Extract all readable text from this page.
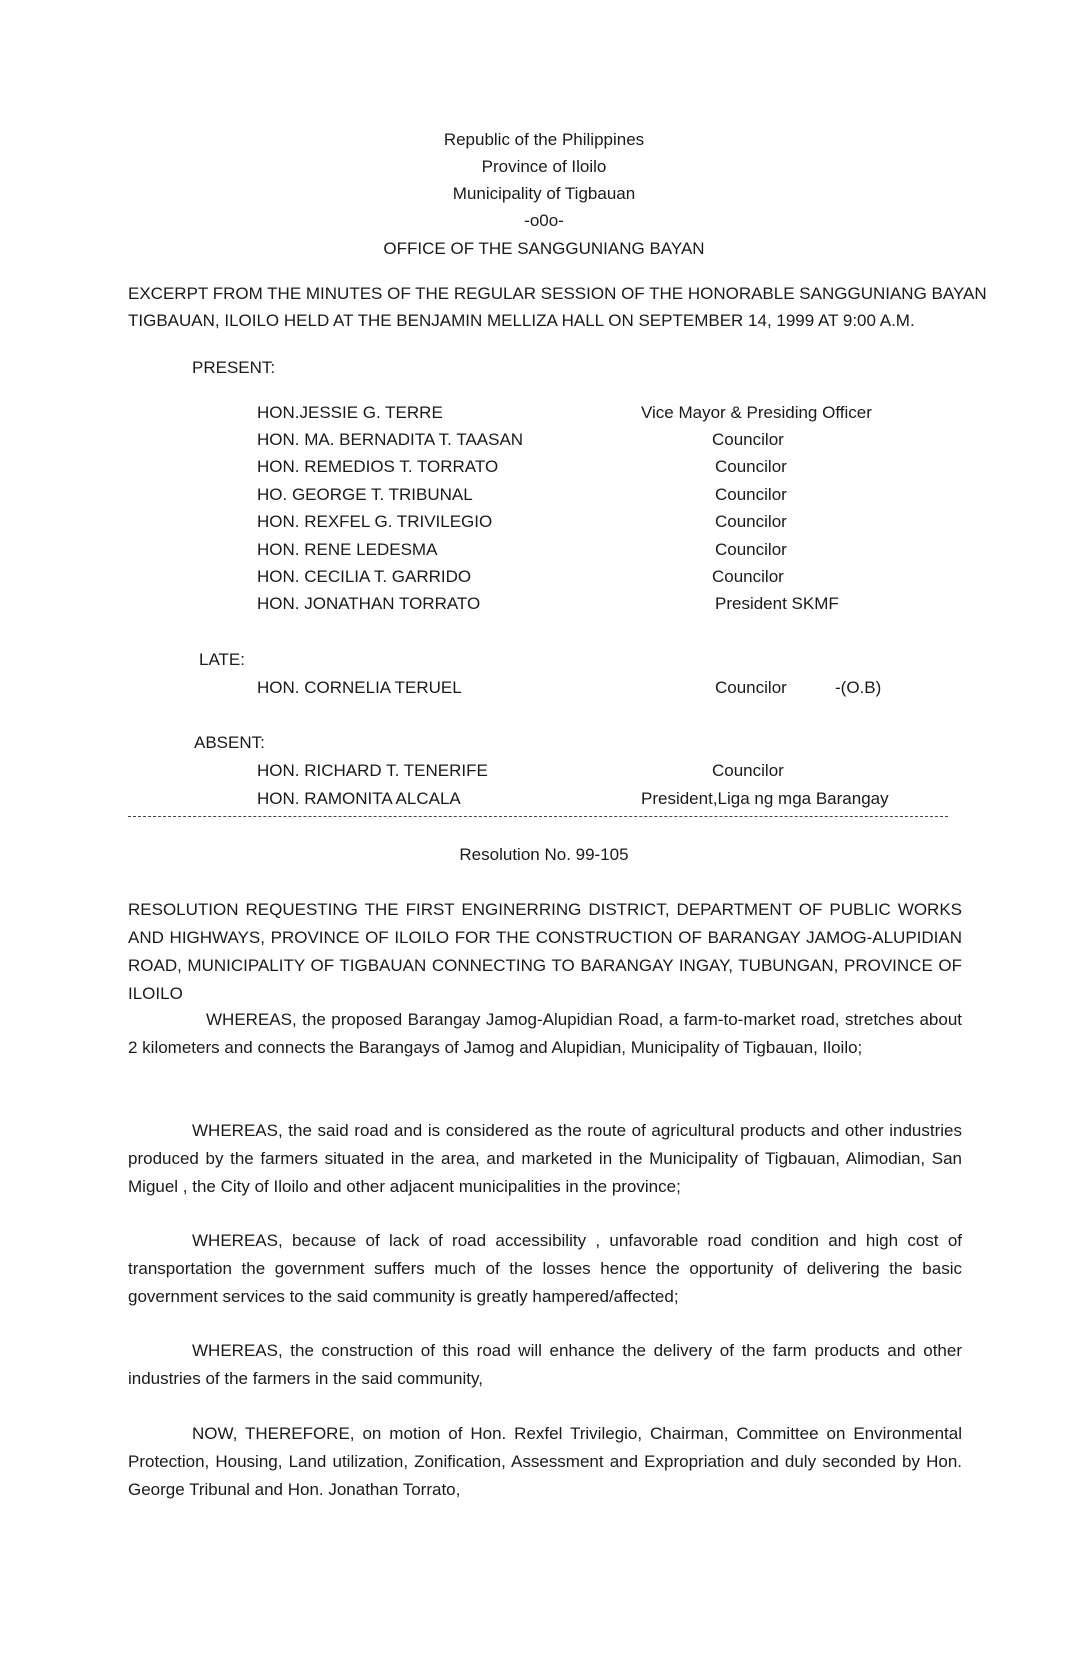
Republic of the Philippines
Province of Iloilo
Municipality of Tigbauan
-o0o-
OFFICE OF THE SANGGUNIANG BAYAN
EXCERPT FROM THE MINUTES OF THE REGULAR SESSION OF THE HONORABLE SANGGUNIANG BAYAN
TIGBAUAN, ILOILO HELD AT THE BENJAMIN MELLIZA HALL ON SEPTEMBER 14, 1999 AT 9:00 A.M.
PRESENT:
HON.JESSIE G. TERRE	Vice Mayor & Presiding Officer
HON. MA. BERNADITA T. TAASAN	Councilor
HON. REMEDIOS T. TORRATO	Councilor
HO. GEORGE T. TRIBUNAL	Councilor
HON. REXFEL G. TRIVILEGIO	Councilor
HON. RENE LEDESMA	Councilor
HON. CECILIA T. GARRIDO	Councilor
HON. JONATHAN TORRATO	President SKMF
LATE:
HON. CORNELIA TERUEL	Councilor	-(O.B)
ABSENT:
HON. RICHARD T. TENERIFE	Councilor
HON. RAMONITA ALCALA	President,Liga ng mga Barangay
Resolution No. 99-105
RESOLUTION REQUESTING THE FIRST ENGINERRING DISTRICT, DEPARTMENT OF PUBLIC WORKS AND HIGHWAYS, PROVINCE OF ILOILO FOR THE CONSTRUCTION OF BARANGAY JAMOG-ALUPIDIAN ROAD, MUNICIPALITY OF TIGBAUAN CONNECTING TO BARANGAY INGAY, TUBUNGAN, PROVINCE OF ILOILO
WHEREAS, the proposed Barangay Jamog-Alupidian Road, a farm-to-market road, stretches about 2 kilometers and connects the Barangays of Jamog and Alupidian, Municipality of Tigbauan, Iloilo;
WHEREAS, the said road and is considered as the route of agricultural products and other industries produced by the farmers situated in the area, and marketed in the Municipality of Tigbauan, Alimodian, San Miguel , the City of Iloilo and other adjacent municipalities in the province;
WHEREAS, because of lack of road accessibility , unfavorable road condition and high cost of transportation the government suffers much of the losses hence the opportunity of delivering the basic government services to the said community is greatly hampered/affected;
WHEREAS, the construction of this road will enhance the delivery of the farm products and other industries of the farmers in the said community,
NOW, THEREFORE, on motion of Hon. Rexfel Trivilegio, Chairman, Committee on Environmental Protection, Housing, Land utilization, Zonification, Assessment and Expropriation and duly seconded by Hon. George Tribunal and Hon. Jonathan Torrato,
